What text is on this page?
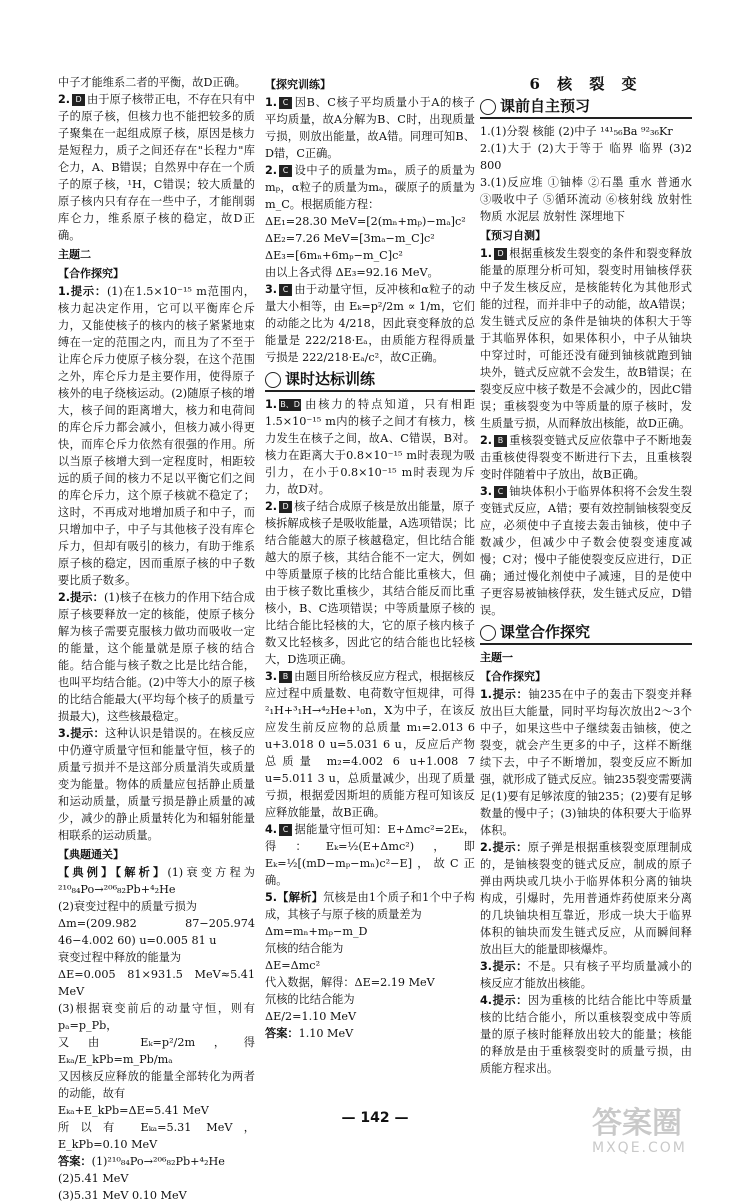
中子才能维系二者的平衡，故D正确。

2. D 由于原子核带正电，不存在只有中子的原子核，但核力也不能把较多的质子聚集在一起组成原子核，原因是核力是短程力，质子之间还存在"长程力"库仑力，A、B错误；自然界中存在一个质子的原子核，¹H，C错误；较大质量的原子核内只有存在一些中子，才能削弱库仑力，维系原子核的稳定，故D正确。

主题二
【合作探究】

1.提示：(1)在1.5×10⁻¹⁵ m范围内，核力起决定作用，它可以平衡库仑斥力，又能使核子的核内的核子紧紧地束缚在一定的范围之内，而且为了不至于让库仑斥力使原子核分裂，在这个范围之外，库仑斥力是主要作用，使得原子核外的电子绕核运动。(2)随原子核的增大，核子间的距离增大，核力和电荷间的库仑斥力都会减小，但核力减小得更快，而库仑斥力依然有很强的作用。所以当原子核增大到一定程度时，相距较远的质子间的核力不足以平衡它们之间的库仑斥力，这个原子核就不稳定了；这时，不再成对地增加质子和中子，而只增加中子，中子与其他核子没有库仑斥力，但却有吸引的核力，有助于维系原子核的稳定，因而重原子核的中子数要比质子数多。

2.提示：(1)核子在核力的作用下结合成原子核要释放一定的核能，使原子核分解为核子需要克服核力做功而吸收一定的能量，这个能量就是原子核的结合能。结合能与核子数之比是比结合能，也叫平均结合能。(2)中等大小的原子核的比结合能最大(平均每个核子的质量亏损最大)，这些核最稳定。

3.提示：这种认识是错误的。在核反应中仍遵守质量守恒和能量守恒，核子的质量亏损并不是这部分质量消失或质量变为能量。物体的质量应包括静止质量和运动质量，质量亏损是静止质量的减少，减少的静止质量转化为和辐射能量相联系的运动质量。

【典题通关】

【典例】【解析】(1)衰变方程为 ²¹⁰₈₄Po→²⁰⁶₈₂Pb+⁴₂He

(2)衰变过程中的质量亏损为

Δm=(209.982 87−205.974 46−4.002 60) u=0.005 81 u

衰变过程中释放的能量为

ΔE=0.005 81×931.5 MeV≈5.41 MeV

(3)根据衰变前后的动量守恒，则有 pₐ=p_Pb，

又由 Eₖ=p²/2m，得 Eₖₐ/E_kPb=m_Pb/mₐ

又因核反应释放的能量全部转化为两者的动能，故有

Eₖₐ+E_kPb=ΔE=5.41 MeV

所以有 Eₖₐ=5.31 MeV，E_kPb=0.10 MeV

答案：(1)²¹⁰₈₄Po→²⁰⁶₈₂Pb+⁴₂He

(2)5.41 MeV

(3)5.31 MeV 0.10 MeV

【探究训练】

1. C 因B、C核子平均质量小于A的核子平均质量，故A分解为B、C时，出现质量亏损，则放出能量，故A错。同理可知B、D错，C正确。

2. C 设中子的质量为mₙ，质子的质量为mₚ，α粒子的质量为mₐ，碳原子的质量为m_C。根据质能方程：

ΔE₁=28.30 MeV=[2(mₙ+mₚ)−mₐ]c²

ΔE₂=7.26 MeV=[3mₐ−m_C]c²

ΔE₃=[6mₙ+6mₚ−m_C]c²

由以上各式得 ΔE₃=92.16 MeV。

3. C 由于动量守恒，反冲核和α粒子的动量大小相等，由 Eₖ=p²/2m ∝ 1/m，它们的动能之比为 4/218，因此衰变释放的总能量是 222/218·Eₐ，由质能方程得质量亏损是 222/218·Eₐ/c²，故C正确。

课时达标训练

1. B、D 由核力的特点知道，只有相距1.5×10⁻¹⁵ m内的核子之间才有核力，核力发生在核子之间，故A、C错误，B对。核力在距离大于0.8×10⁻¹⁵ m时表现为吸引力，在小于0.8×10⁻¹⁵ m时表现为斥力，故D对。

2. D 核子结合成原子核是放出能量，原子核拆解成核子是吸收能量，A选项错误；比结合能越大的原子核越稳定，但比结合能越大的原子核，其结合能不一定大，例如中等质量原子核的比结合能比重核大，但由于核子数比重核少，其结合能反而比重核小，B、C选项错误；中等质量原子核的比结合能比轻核的大，它的原子核内核子数又比轻核多，因此它的结合能也比轻核大，D选项正确。

3. B 由题目所给核反应方程式，根据核反应过程中质量数、电荷数守恒规律，可得 ²₁H+³₁H→⁴₂He+¹₀n，X为中子，在该反应发生前反应物的总质量 m₁=2.013 6 u+3.018 0 u=5.031 6 u，反应后产物总质量 m₂=4.002 6 u+1.008 7 u=5.011 3 u，总质量减少，出现了质量亏损，根据爱因斯坦的质能方程可知该反应释放能量，故B正确。

4. C 据能量守恒可知：E+Δmc²=2Eₖ，得：Eₖ=½(E+Δmc²)，即 Eₖ=½[(mD−mₚ−mₙ)c²−E]，故C正确。

5.【解析】氘核是由1个质子和1个中子构成，其核子与原子核的质量差为

Δm=mₙ+mₚ−m_D

氘核的结合能为

ΔE=Δmc²

代入数据，解得：ΔE=2.19 MeV

氘核的比结合能为

ΔE/2=1.10 MeV

答案：1.10 MeV

6 核 裂 变
课前自主预习

1.(1)分裂 核能 (2)中子 ¹⁴¹₅₆Ba ⁹²₃₆Kr

2.(1)大于 (2)大于等于 临界 临界 (3)2 800

3.(1)反应堆 ①铀棒 ②石墨 重水 普通水 ③吸收中子 ⑤循环流动 ⑥核射线 放射性物质 水泥层 放射性 深埋地下

【预习自测】

1. D 根据重核发生裂变的条件和裂变释放能量的原理分析可知，裂变时用铀核俘获中子发生核反应，是核能转化为其他形式能的过程，而并非中子的动能，故A错误；发生链式反应的条件是铀块的体积大于等于其临界体积，如果体积小，中子从铀块中穿过时，可能还没有碰到铀核就跑到铀块外，链式反应就不会发生，故B错误；在裂变反应中核子数是不会减少的，因此C错误；重核裂变为中等质量的原子核时，发生质量亏损，从而释放出核能，故D正确。

2. B 重核裂变链式反应依靠中子不断地轰击重核使得裂变不断进行下去，且重核裂变时伴随着中子放出，故B正确。

3. C 铀块体积小于临界体积将不会发生裂变链式反应，A错；要有效控制铀核裂变反应，必须使中子直接去轰击铀核，使中子数减少，但减少中子数会使裂变速度减慢；C对；慢中子能使裂变反应进行，D正确；通过慢化剂使中子减速，目的是使中子更容易被铀核俘获，发生链式反应，D错误。

课堂合作探究
主题一
【合作探究】

1.提示：铀235在中子的轰击下裂变并释放出巨大能量，同时平均每次放出2～3个中子，如果这些中子继续轰击铀核，使之裂变，就会产生更多的中子，这样不断继续下去，中子不断增加，裂变反应不断加强，就形成了链式反应。铀235裂变需要满足(1)要有足够浓度的铀235；(2)要有足够数量的慢中子；(3)铀块的体积要大于临界体积。

2.提示：原子弹是根据重核裂变原理制成的，是铀核裂变的链式反应，制成的原子弹由两块或几块小于临界体积分离的铀块构成，引爆时，先用普通炸药使原来分离的几块铀块相互靠近，形成一块大于临界体积的铀块而发生链式反应，从而瞬间释放出巨大的能量即核爆炸。

3.提示：不是。只有核子平均质量减小的核反应才能放出核能。

4.提示：因为重核的比结合能比中等质量核的比结合能小，所以重核裂变成中等质量的原子核时能释放出较大的能量；核能的释放是由于重核裂变时的质量亏损，由质能方程求出。

— 142 —	答案圈
MXQE.COM
